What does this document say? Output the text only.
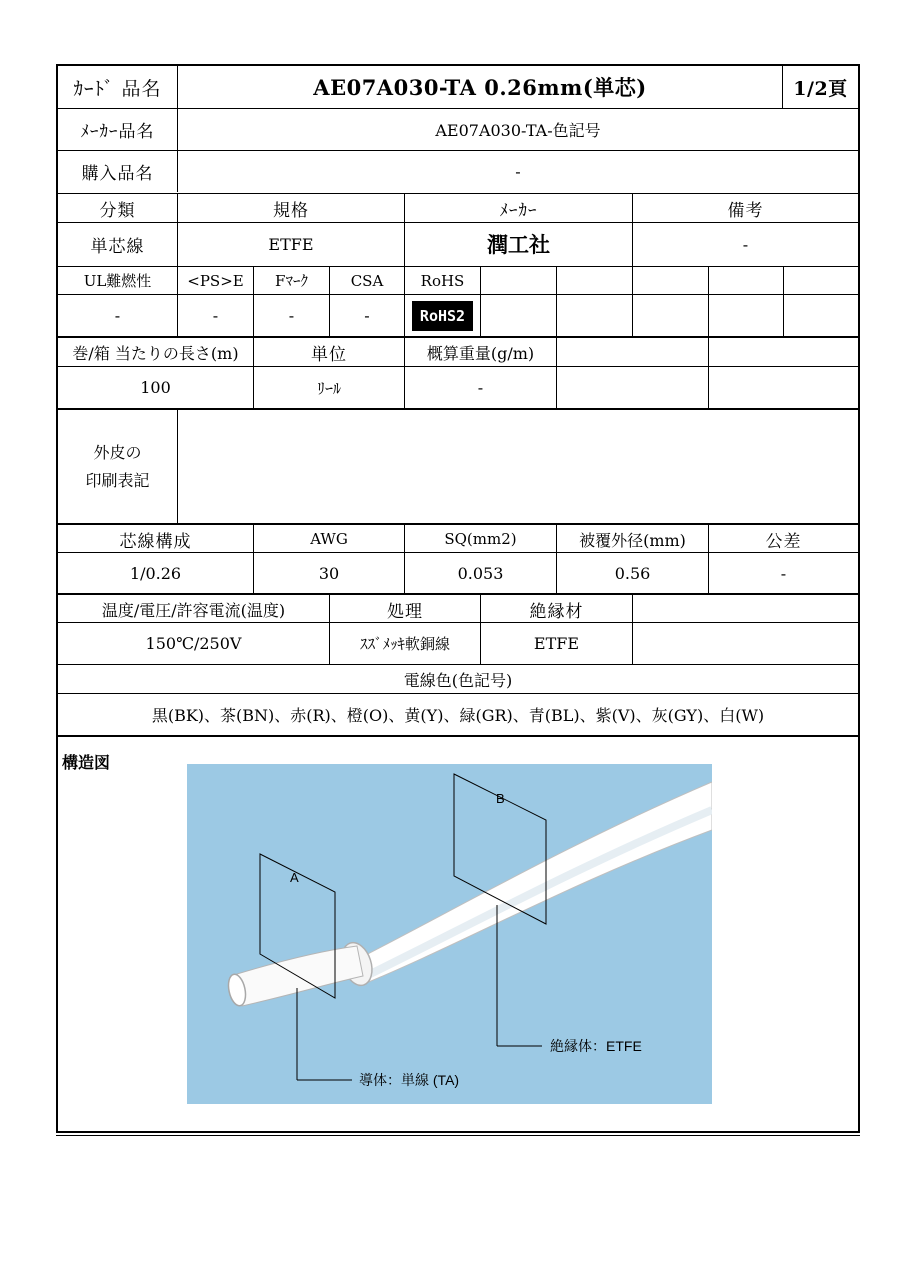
ｶｰﾄﾞ 品名	AE07A030-TA 0.26mm(単芯)	1/2頁
ﾒｰｶｰ品名	AE07A030-TA-色記号
購入品名	-
分類	規格	ﾒｰｶｰ	備考
単芯線	ETFE	潤工社	-
UL難燃性	<PS>E	Fﾏｰｸ	CSA	RoHS
-	-	-	-	RoHS2
巻/箱 当たりの長さ(m)	単位	概算重量(g/m)
100	ﾘｰﾙ	-
外皮の
印刷表記
芯線構成	AWG	SQ(mm2)	被覆外径(mm)	公差
1/0.26	30	0.053	0.56	-
温度/電圧/許容電流(温度)	処理	絶縁材
150℃/250V	ｽｽﾞﾒｯｷ軟銅線	ETFE
電線色(色記号)
黒(BK)、茶(BN)、赤(R)、橙(O)、黄(Y)、緑(GR)、青(BL)、紫(V)、灰(GY)、白(W)
構造図
A
B
絶縁体：ETFE
導体：単線 (TA)
